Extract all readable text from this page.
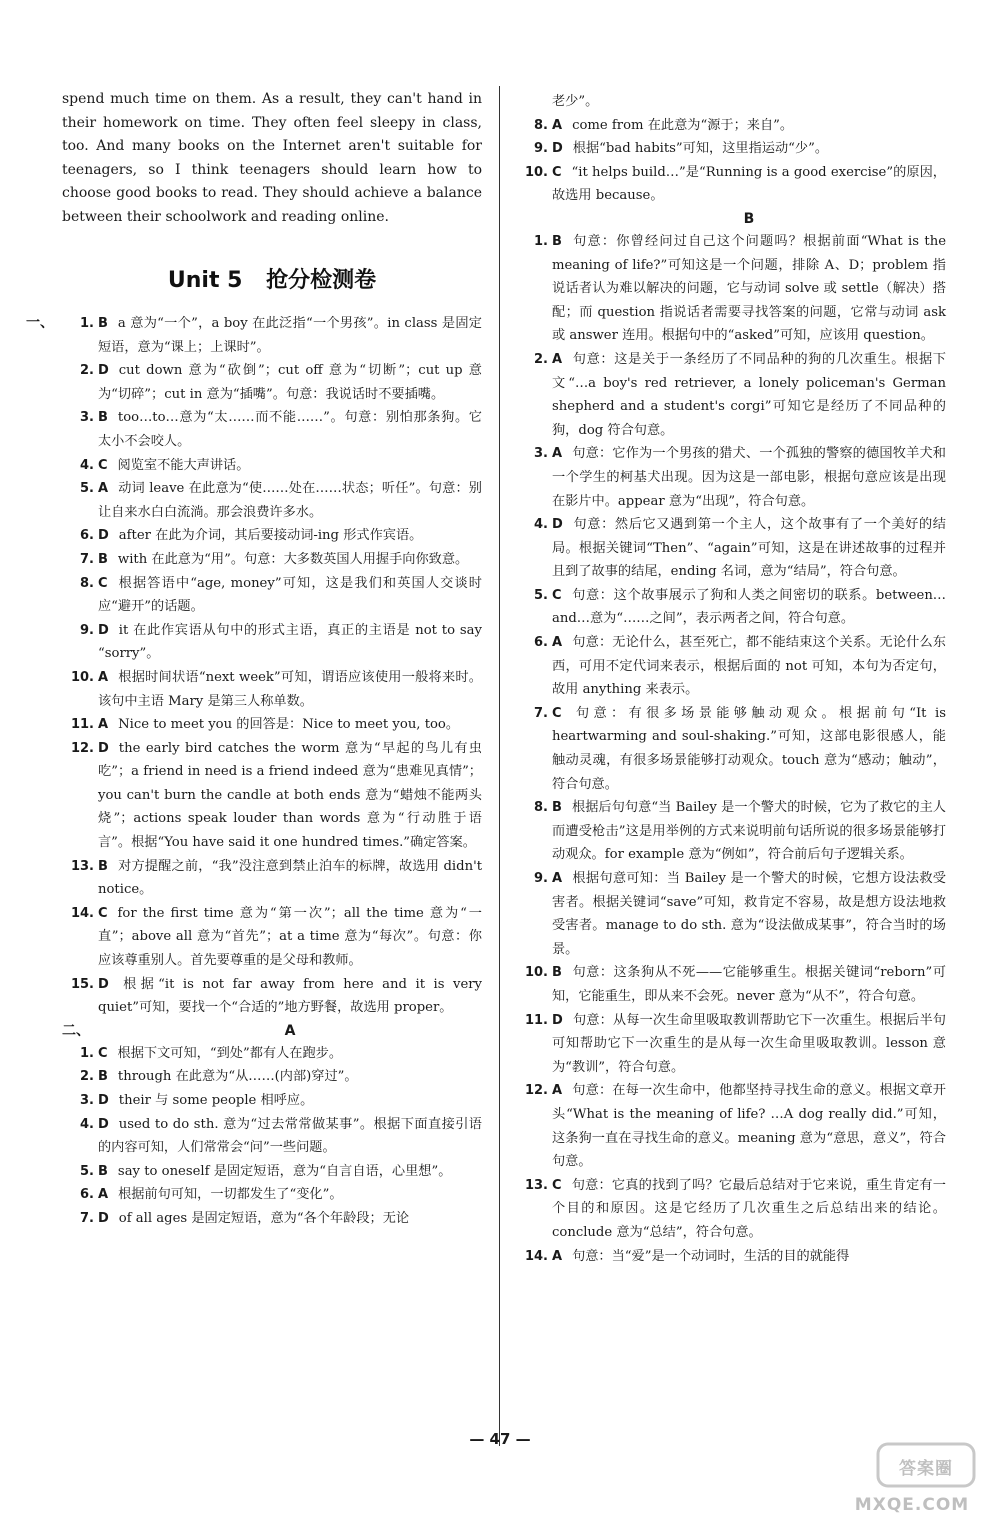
spend much time on them. As a result, they can't hand in their homework on time. They often feel sleepy in class, too. And many books on the Internet aren't suitable for teenagers, so I think teenagers should learn how to choose good books to read. They should achieve a balance between their schoolwork and reading online.
Unit 5 抢分检测卷
一、	1. B a 意为“一个”，a boy 在此泛指“一个男孩”。in class 是固定短语，意为“课上；上课时”。
2. D cut down 意为“砍倒”；cut off 意为“切断”；cut up 意为“切碎”；cut in 意为“插嘴”。句意：我说话时不要插嘴。
3. B too…to…意为“太……而不能……”。句意：别怕那条狗。它太小不会咬人。
4. C 阅览室不能大声讲话。
5. A 动词 leave 在此意为“使……处在……状态；听任”。句意：别让自来水白白流淌。那会浪费许多水。
6. D after 在此为介词，其后要接动词-ing 形式作宾语。
7. B with 在此意为“用”。句意：大多数英国人用握手向你致意。
8. C 根据答语中“age, money”可知，这是我们和英国人交谈时应“避开”的话题。
9. D it 在此作宾语从句中的形式主语，真正的主语是 not to say “sorry”。
10. A 根据时间状语“next week”可知，谓语应该使用一般将来时。该句中主语 Mary 是第三人称单数。
11. A Nice to meet you 的回答是：Nice to meet you, too。
12. D the early bird catches the worm 意为“早起的鸟儿有虫吃”；a friend in need is a friend indeed 意为“患难见真情”；you can't burn the candle at both ends 意为“蜡烛不能两头烧”；actions speak louder than words 意为“行动胜于语言”。根据“You have said it one hundred times.”确定答案。
13. B 对方提醒之前，“我”没注意到禁止泊车的标牌，故选用 didn't notice。
14. C for the first time 意为“第一次”；all the time 意为“一直”；above all 意为“首先”；at a time 意为“每次”。句意：你应该尊重别人。首先要尊重的是父母和教师。
15. D 根据“it is not far away from here and it is very quiet”可知，要找一个“合适的”地方野餐，故选用 proper。
二、	A
1. C 根据下文可知，“到处”都有人在跑步。
2. B through 在此意为“从……(内部)穿过”。
3. D their 与 some people 相呼应。
4. D used to do sth. 意为“过去常常做某事”。根据下面直接引语的内容可知，人们常常会“问”一些问题。
5. B say to oneself 是固定短语，意为“自言自语，心里想”。
6. A 根据前句可知，一切都发生了“变化”。
7. D of all ages 是固定短语，意为“各个年龄段；无论
老少”。
8. A come from 在此意为“源于；来自”。
9. D 根据“bad habits”可知，这里指运动“少”。
10. C “it helps build…”是“Running is a good exercise”的原因，故选用 because。
B
1. B 句意：你曾经问过自己这个问题吗？根据前面“What is the meaning of life?”可知这是一个问题，排除 A、D；problem 指说话者认为难以解决的问题，它与动词 solve 或 settle（解决）搭配；而 question 指说话者需要寻找答案的问题，它常与动词 ask 或 answer 连用。根据句中的“asked”可知，应该用 question。
2. A 句意：这是关于一条经历了不同品种的狗的几次重生。根据下文“…a boy's red retriever, a lonely policeman's German shepherd and a student's corgi”可知它是经历了不同品种的狗，dog 符合句意。
3. A 句意：它作为一个男孩的猎犬、一个孤独的警察的德国牧羊犬和一个学生的柯基犬出现。因为这是一部电影，根据句意应该是出现在影片中。appear 意为“出现”，符合句意。
4. D 句意：然后它又遇到第一个主人，这个故事有了一个美好的结局。根据关键词“Then”、“again”可知，这是在讲述故事的过程并且到了故事的结尾，ending 名词，意为“结局”，符合句意。
5. C 句意：这个故事展示了狗和人类之间密切的联系。between…and…意为“……之间”，表示两者之间，符合句意。
6. A 句意：无论什么，甚至死亡，都不能结束这个关系。无论什么东西，可用不定代词来表示，根据后面的 not 可知，本句为否定句，故用 anything 来表示。
7. C 句意：有很多场景能够触动观众。根据前句“It is heartwarming and soul-shaking.”可知，这部电影很感人，能触动灵魂，有很多场景能够打动观众。touch 意为“感动；触动”，符合句意。
8. B 根据后句句意“当 Bailey 是一个警犬的时候，它为了救它的主人而遭受枪击”这是用举例的方式来说明前句话所说的很多场景能够打动观众。for example 意为“例如”，符合前后句子逻辑关系。
9. A 根据句意可知：当 Bailey 是一个警犬的时候，它想方设法救受害者。根据关键词“save”可知，救肯定不容易，故是想方设法地救受害者。manage to do sth. 意为“设法做成某事”，符合当时的场景。
10. B 句意：这条狗从不死——它能够重生。根据关键词“reborn”可知，它能重生，即从来不会死。never 意为“从不”，符合句意。
11. D 句意：从每一次生命里吸取教训帮助它下一次重生。根据后半句可知帮助它下一次重生的是从每一次生命里吸取教训。lesson 意为“教训”，符合句意。
12. A 句意：在每一次生命中，他都坚持寻找生命的意义。根据文章开头“What is the meaning of life? …A dog really did.”可知，这条狗一直在寻找生命的意义。meaning 意为“意思，意义”，符合句意。
13. C 句意：它真的找到了吗？它最后总结对于它来说，重生肯定有一个目的和原因。这是它经历了几次重生之后总结出来的结论。conclude 意为“总结”，符合句意。
14. A 句意：当“爱”是一个动词时，生活的目的就能得
— 47 —
答案圈
MXQE.COM
